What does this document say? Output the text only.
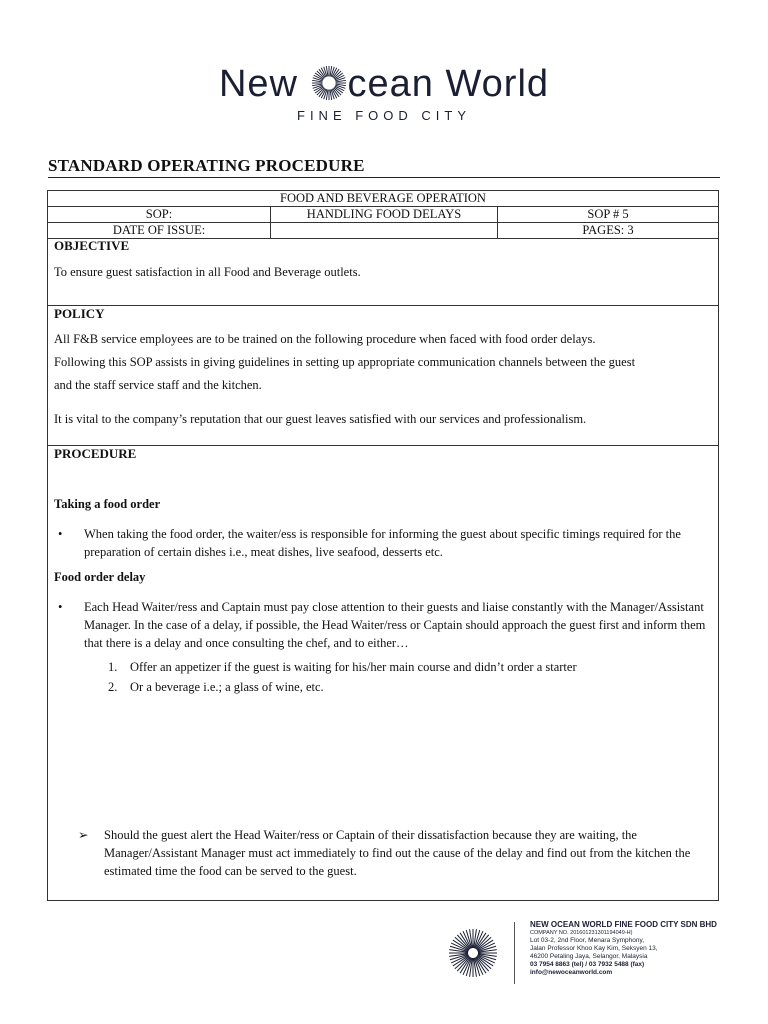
New cean World
FINE FOOD CITY
STANDARD OPERATING PROCEDURE
FOOD AND BEVERAGE OPERATION		
SOP:	HANDLING FOOD DELAYS	SOP # 5
DATE OF ISSUE:		PAGES: 3
OBJECTIVE
To ensure guest satisfaction in all Food and Beverage outlets.
POLICY
All F&B service employees are to be trained on the following procedure when faced with food order delays.
Following this SOP assists in giving guidelines in setting up appropriate communication channels between the guest
and the staff service staff and the kitchen.
It is vital to the company’s reputation that our guest leaves satisfied with our services and professionalism.
PROCEDURE
Taking a food order
• When taking the food order, the waiter/ess is responsible for informing the guest about specific timings required for the preparation of certain dishes i.e., meat dishes, live seafood, desserts etc.
Food order delay
• Each Head Waiter/ress and Captain must pay close attention to their guests and liaise constantly with the Manager/Assistant Manager. In the case of a delay, if possible, the Head Waiter/ress or Captain should approach the guest first and inform them that there is a delay and once consulting the chef, and to either…
1. Offer an appetizer if the guest is waiting for his/her main course and didn’t order a starter
2. Or a beverage i.e.; a glass of wine, etc.
➢ Should the guest alert the Head Waiter/ress or Captain of their dissatisfaction because they are waiting, the Manager/Assistant Manager must act immediately to find out the cause of the delay and find out from the kitchen the estimated time the food can be served to the guest.
NEW OCEAN WORLD FINE FOOD CITY SDN BHD
COMPANY NO. 201601231301194049-H)
Lot 03-2, 2nd Floor, Menara Symphony,
Jalan Professor Khoo Kay Kim, Seksyen 13,
46200 Petaling Jaya, Selangor, Malaysia
03 7954 8863 (tel) / 03 7932 5488 (fax)
info@newoceanworld.com
